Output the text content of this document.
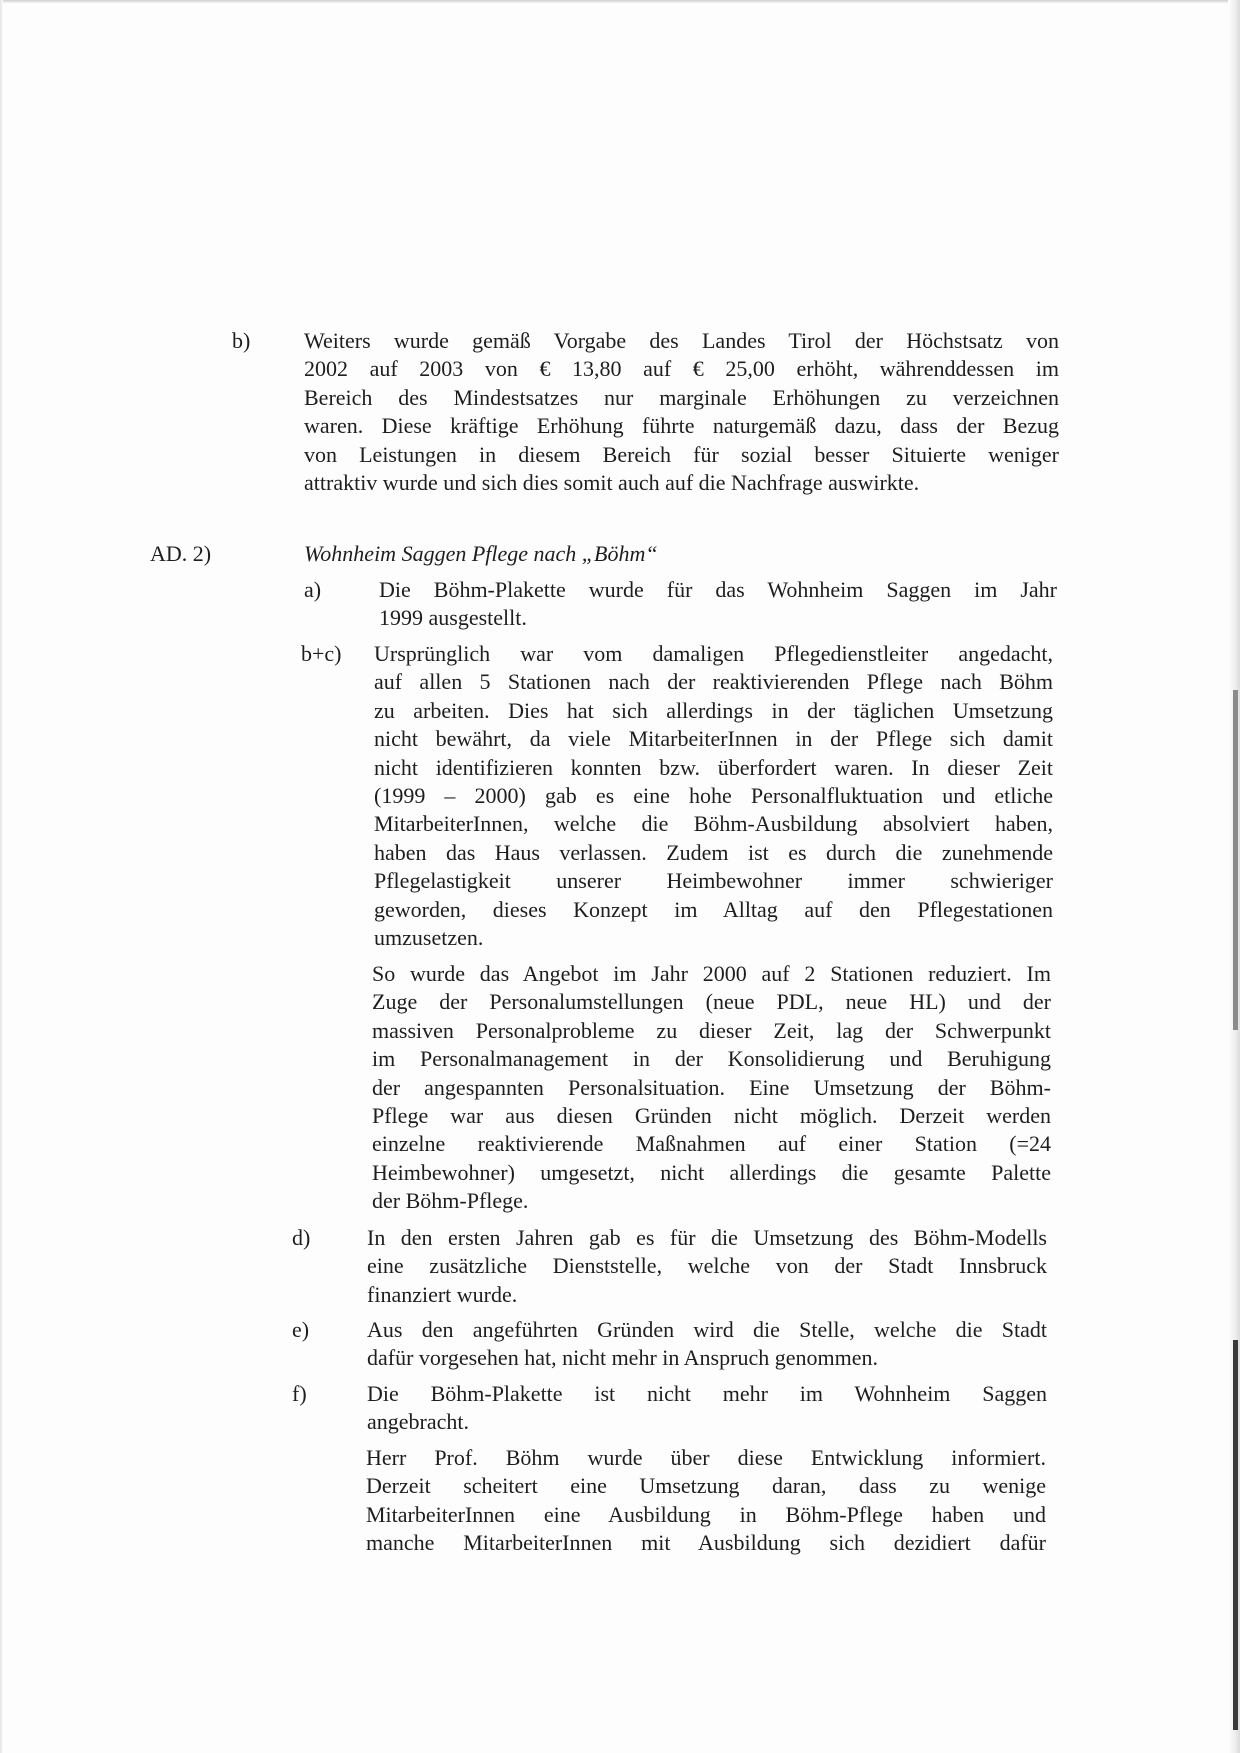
b) Weiters wurde gemäß Vorgabe des Landes Tirol der Höchstsatz von
2002 auf 2003 von € 13,80 auf € 25,00 erhöht, währenddessen im
Bereich des Mindestsatzes nur marginale Erhöhungen zu verzeichnen
waren. Diese kräftige Erhöhung führte naturgemäß dazu, dass der Bezug
von Leistungen in diesem Bereich für sozial besser Situierte weniger
attraktiv wurde und sich dies somit auch auf die Nachfrage auswirkte.
AD. 2)	Wohnheim Saggen Pflege nach „Böhm“
a)	Die Böhm-Plakette wurde für das Wohnheim Saggen im Jahr
1999 ausgestellt.
b+c) Ursprünglich war vom damaligen Pflegedienstleiter angedacht,
auf allen 5 Stationen nach der reaktivierenden Pflege nach Böhm
zu arbeiten. Dies hat sich allerdings in der täglichen Umsetzung
nicht bewährt, da viele MitarbeiterInnen in der Pflege sich damit
nicht identifizieren konnten bzw. überfordert waren. In dieser Zeit
(1999 – 2000) gab es eine hohe Personalfluktuation und etliche
MitarbeiterInnen, welche die Böhm-Ausbildung absolviert haben,
haben das Haus verlassen. Zudem ist es durch die zunehmende
Pflegelastigkeit unserer Heimbewohner immer schwieriger
geworden, dieses Konzept im Alltag auf den Pflegestationen
umzusetzen.
So wurde das Angebot im Jahr 2000 auf 2 Stationen reduziert. Im
Zuge der Personalumstellungen (neue PDL, neue HL) und der
massiven Personalprobleme zu dieser Zeit, lag der Schwerpunkt
im Personalmanagement in der Konsolidierung und Beruhigung
der angespannten Personalsituation. Eine Umsetzung der Böhm-
Pflege war aus diesen Gründen nicht möglich. Derzeit werden
einzelne reaktivierende Maßnahmen auf einer Station (=24
Heimbewohner) umgesetzt, nicht allerdings die gesamte Palette
der Böhm-Pflege.
d)	In den ersten Jahren gab es für die Umsetzung des Böhm-Modells
eine zusätzliche Dienststelle, welche von der Stadt Innsbruck
finanziert wurde.
e)	Aus den angeführten Gründen wird die Stelle, welche die Stadt
dafür vorgesehen hat, nicht mehr in Anspruch genommen.
f)	Die Böhm-Plakette ist nicht mehr im Wohnheim Saggen
angebracht.
Herr Prof. Böhm wurde über diese Entwicklung informiert.
Derzeit scheitert eine Umsetzung daran, dass zu wenige
MitarbeiterInnen eine Ausbildung in Böhm-Pflege haben und
manche MitarbeiterInnen mit Ausbildung sich dezidiert dafür
